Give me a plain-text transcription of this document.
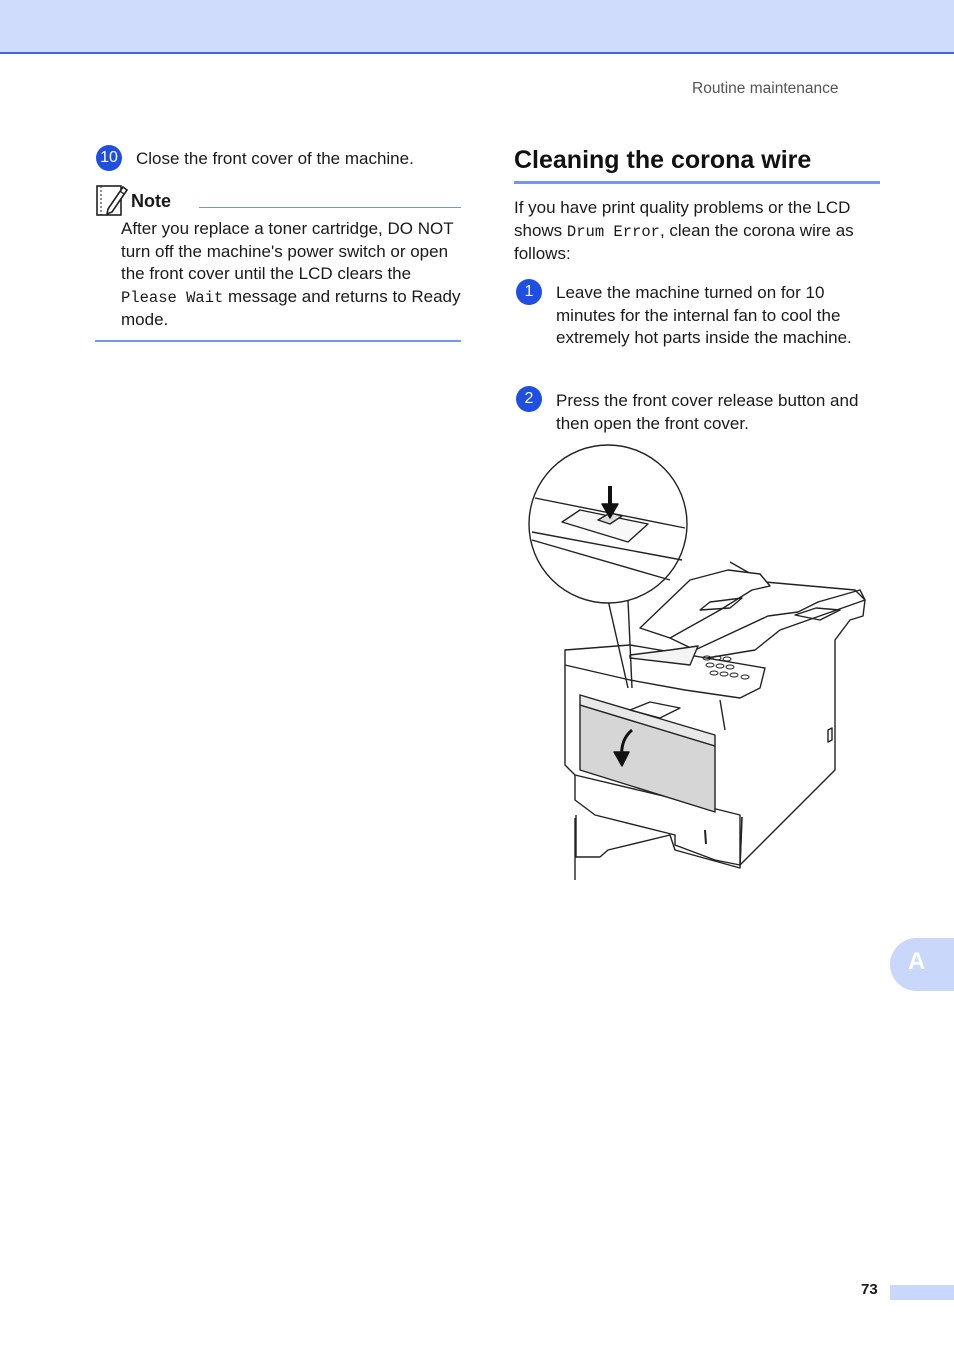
Routine maintenance
10 Close the front cover of the machine.
Note
After you replace a toner cartridge, DO NOT turn off the machine's power switch or open the front cover until the LCD clears the Please Wait message and returns to Ready mode.
Cleaning the corona wire
If you have print quality problems or the LCD shows Drum Error, clean the corona wire as follows:
1	Leave the machine turned on for 10 minutes for the internal fan to cool the extremely hot parts inside the machine.
2	Press the front cover release button and then open the front cover.
A
73
